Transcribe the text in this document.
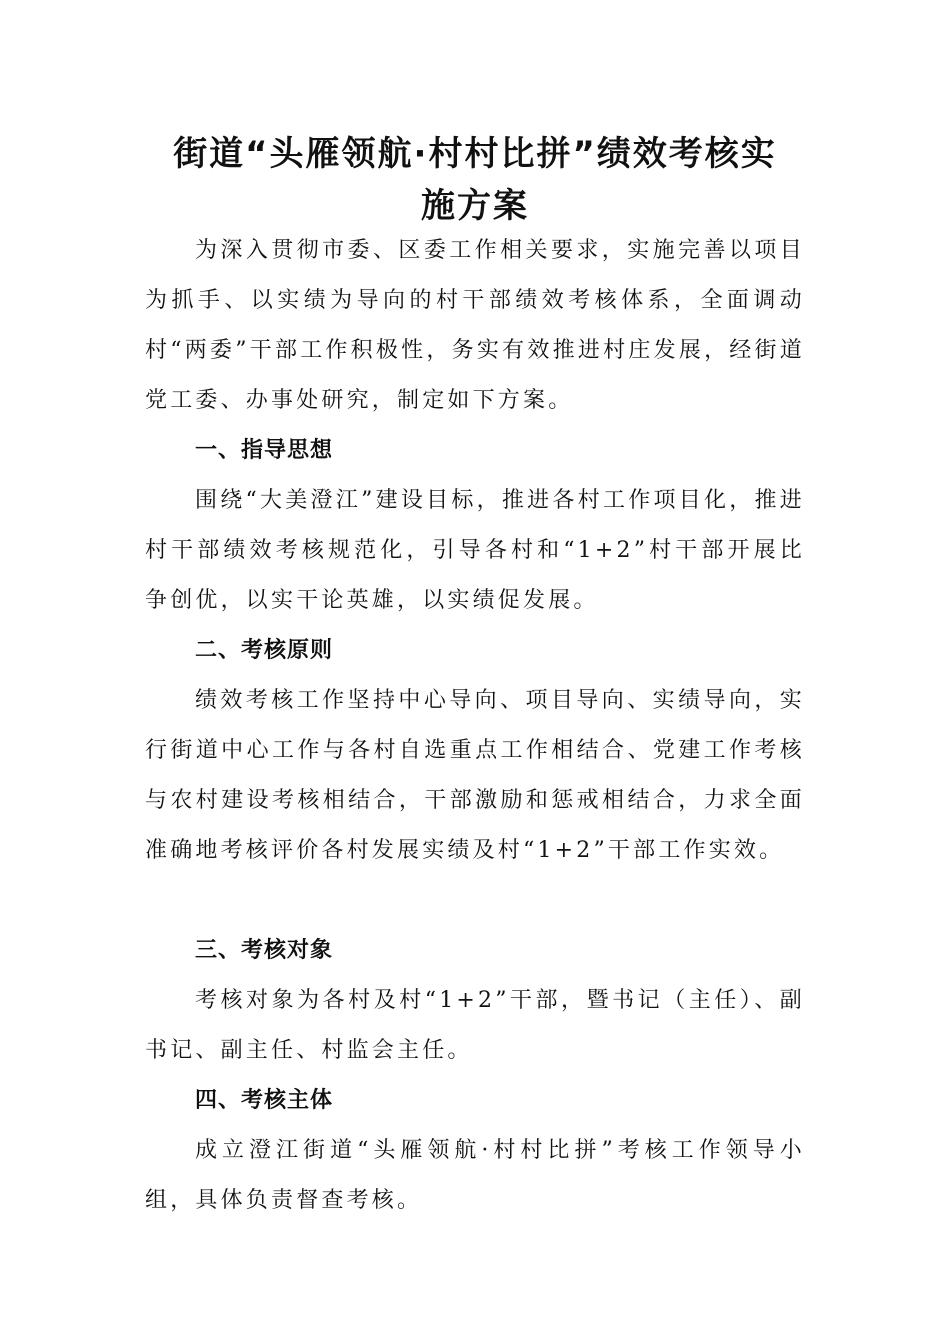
街道“头雁领航·村村比拼”绩效考核实
施方案

为深入贯彻市委、区委工作相关要求，实施完善以项目为抓手、以实绩为导向的村干部绩效考核体系，全面调动村“两委”干部工作积极性，务实有效推进村庄发展，经街道党工委、办事处研究，制定如下方案。

一、指导思想

围绕“大美澄江”建设目标，推进各村工作项目化，推进村干部绩效考核规范化，引导各村和“1+2”村干部开展比争创优，以实干论英雄，以实绩促发展。

二、考核原则

绩效考核工作坚持中心导向、项目导向、实绩导向，实行街道中心工作与各村自选重点工作相结合、党建工作考核与农村建设考核相结合，干部激励和惩戒相结合，力求全面准确地考核评价各村发展实绩及村“1+2”干部工作实效。

三、考核对象

考核对象为各村及村“1+2”干部，暨书记（主任）、副书记、副主任、村监会主任。

四、考核主体

成立澄江街道“头雁领航·村村比拼”考核工作领导小组，具体负责督查考核。
